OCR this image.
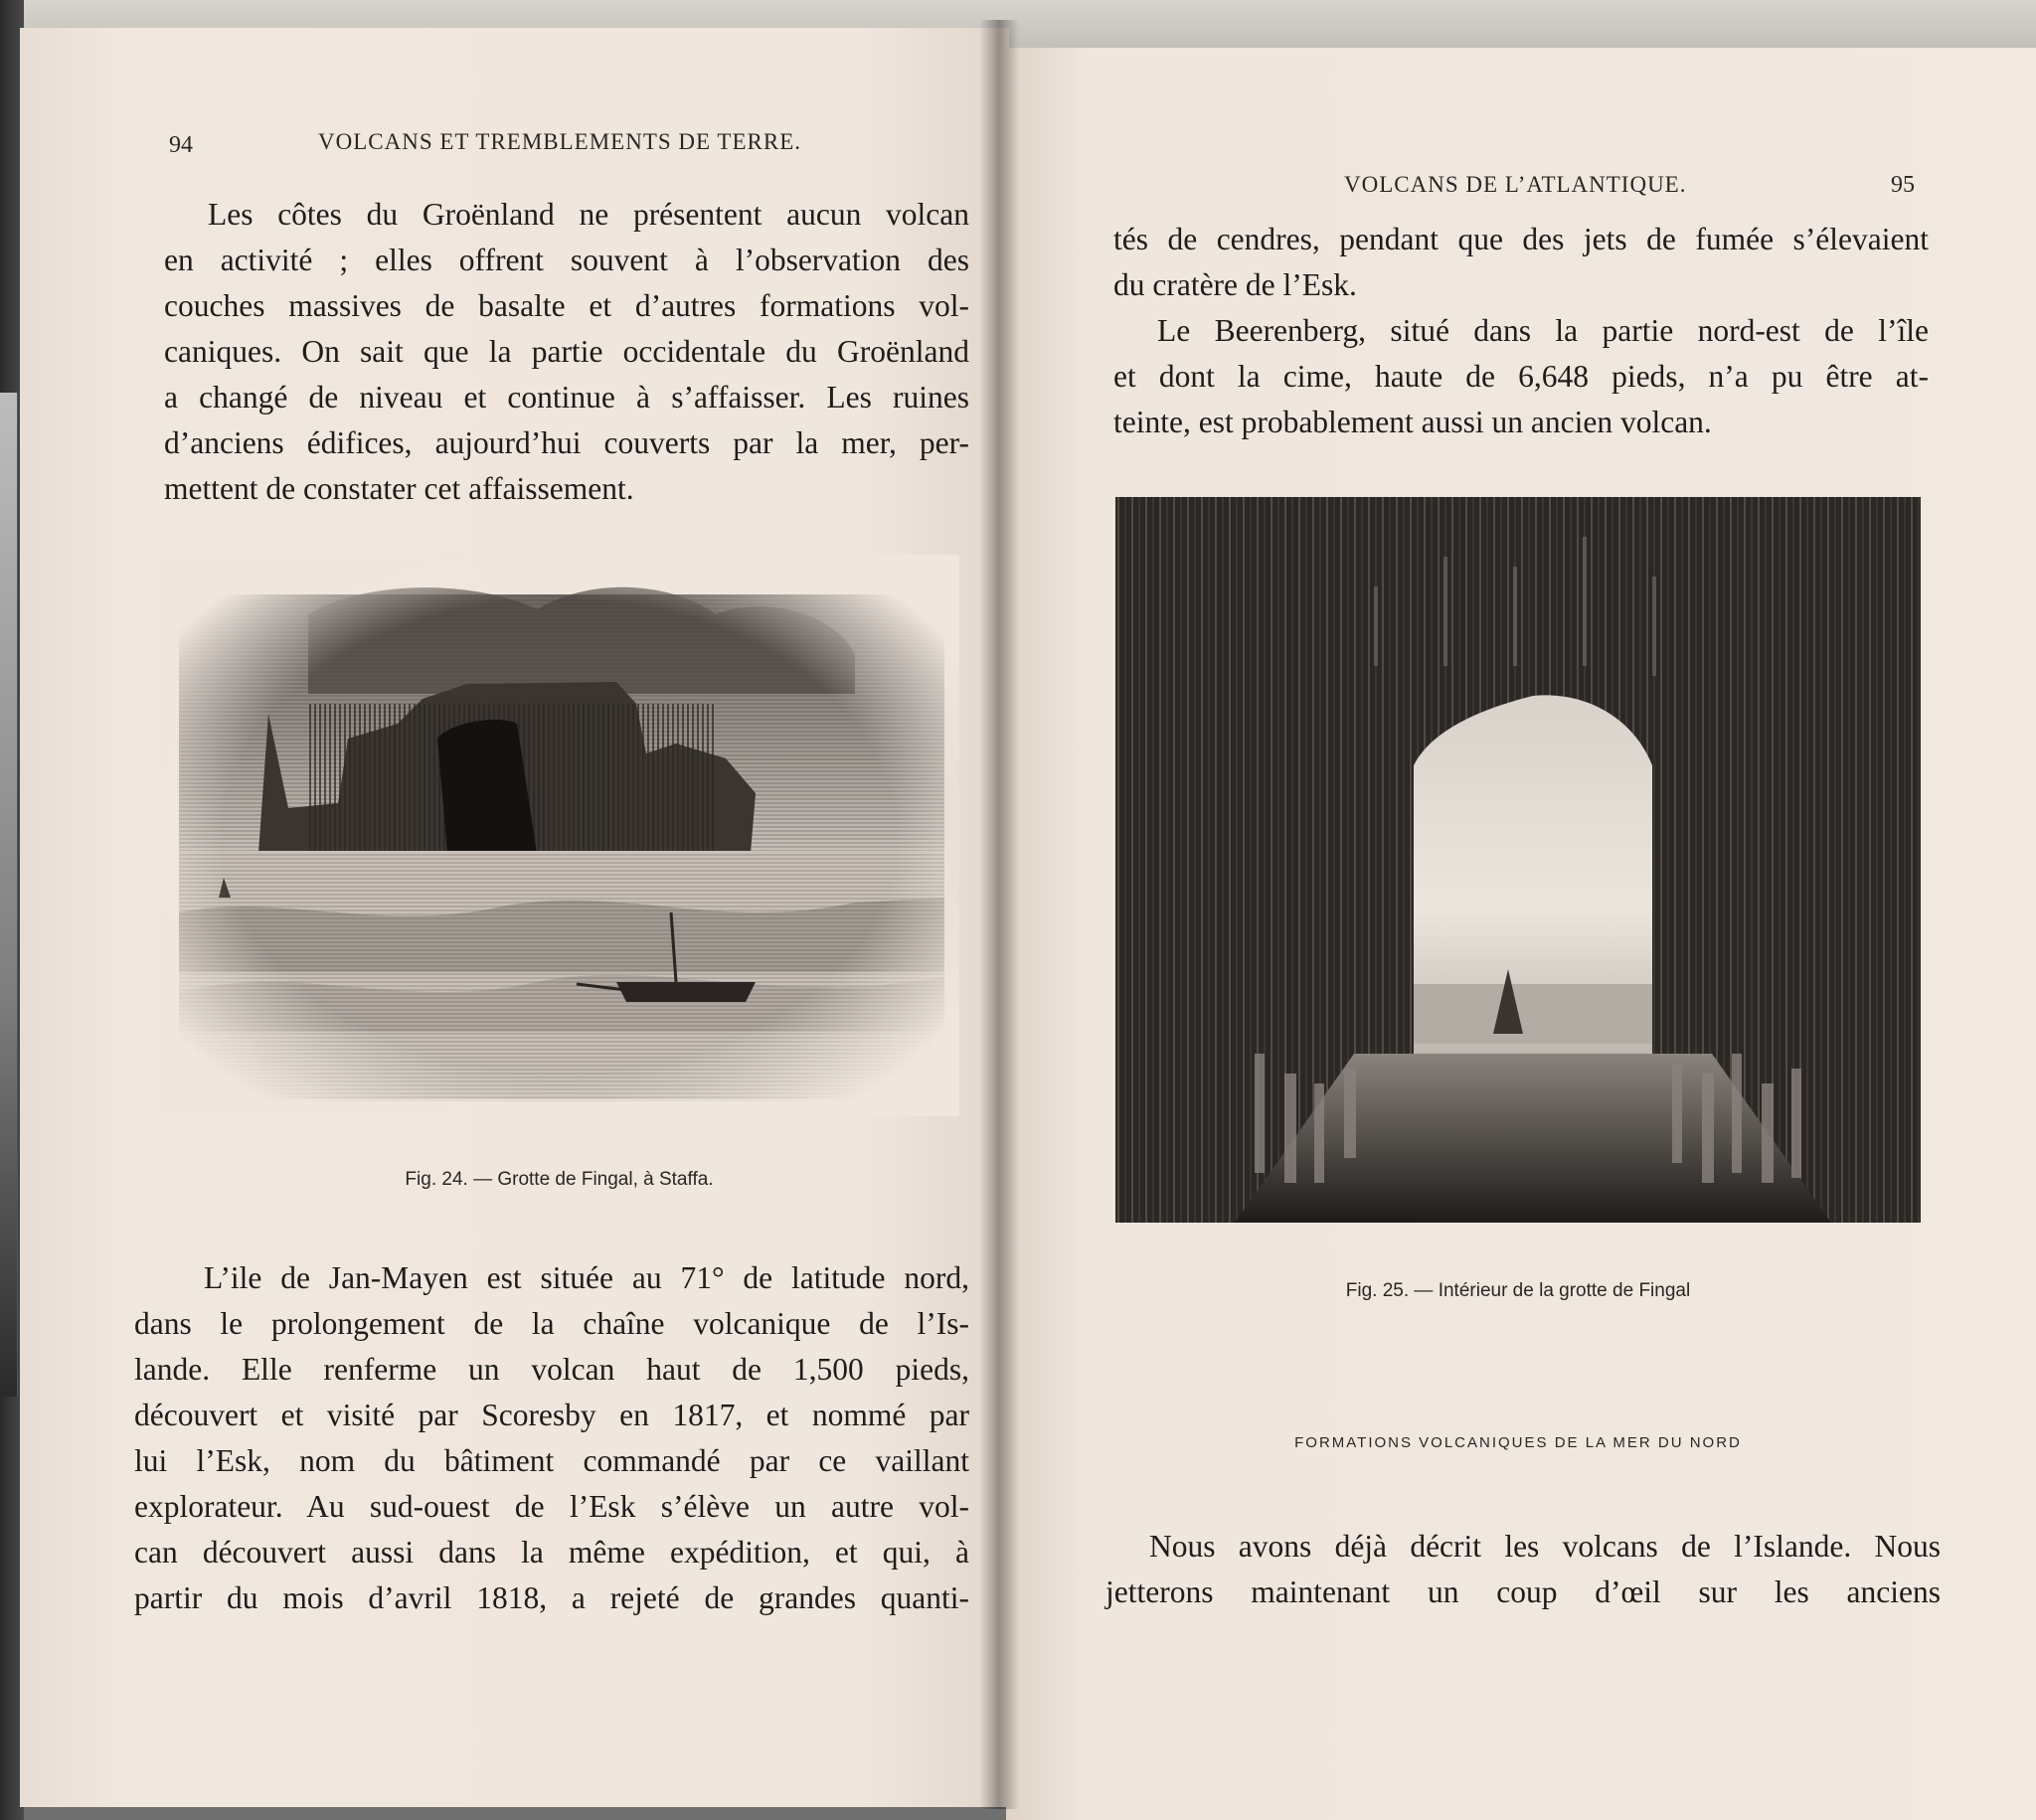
94	VOLCANS ET TREMBLEMENTS DE TERRE.
Les côtes du Groënland ne présentent aucun volcan
en activité ; elles offrent souvent à l’observation des
couches massives de basalte et d’autres formations vol-
caniques. On sait que la partie occidentale du Groënland
a changé de niveau et continue à s’affaisser. Les ruines
d’anciens édifices, aujourd’hui couverts par la mer, per-
mettent de constater cet affaissement.
Fig. 24. — Grotte de Fingal, à Staffa.
L’ile de Jan-Mayen est située au 71° de latitude nord,
dans le prolongement de la chaîne volcanique de l’Is-
lande. Elle renferme un volcan haut de 1,500 pieds,
découvert et visité par Scoresby en 1817, et nommé par
lui l’Esk, nom du bâtiment commandé par ce vaillant
explorateur. Au sud-ouest de l’Esk s’élève un autre vol-
can découvert aussi dans la même expédition, et qui, à
partir du mois d’avril 1818, a rejeté de grandes quanti-
VOLCANS DE L’ATLANTIQUE.	95
tés de cendres, pendant que des jets de fumée s’élevaient
du cratère de l’Esk.
Le Beerenberg, situé dans la partie nord-est de l’île
et dont la cime, haute de 6,648 pieds, n’a pu être at-
teinte, est probablement aussi un ancien volcan.
Fig. 25. — Intérieur de la grotte de Fingal
FORMATIONS VOLCANIQUES DE LA MER DU NORD
Nous avons déjà décrit les volcans de l’Islande. Nous
jetterons maintenant un coup d’œil sur les anciens
